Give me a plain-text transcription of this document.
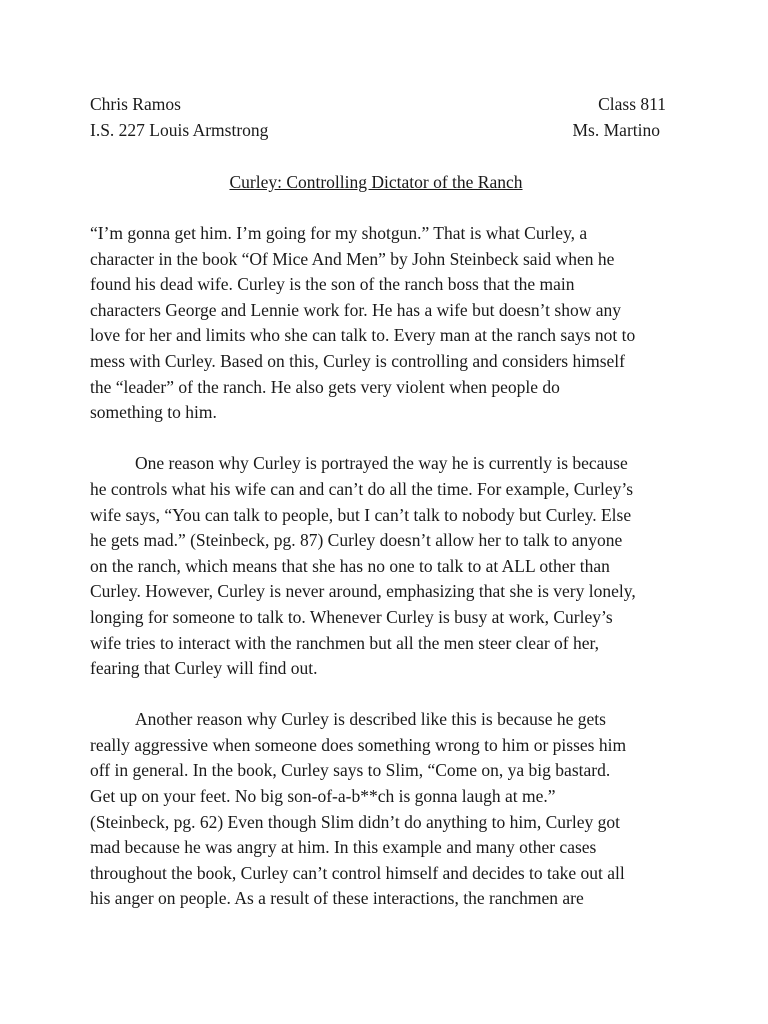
Chris Ramos	Class 811
I.S. 227 Louis Armstrong	Ms. Martino
Curley: Controlling Dictator of the Ranch
“I’m gonna get him. I’m going for my shotgun.” That is what Curley, a
character in the book “Of Mice And Men” by John Steinbeck said when he
found his dead wife. Curley is the son of the ranch boss that the main
characters George and Lennie work for. He has a wife but doesn’t show any
love for her and limits who she can talk to. Every man at the ranch says not to
mess with Curley. Based on this, Curley is controlling and considers himself
the “leader” of the ranch. He also gets very violent when people do
something to him.
One reason why Curley is portrayed the way he is currently is because
he controls what his wife can and can’t do all the time. For example, Curley’s
wife says, “You can talk to people, but I can’t talk to nobody but Curley. Else
he gets mad.” (Steinbeck, pg. 87) Curley doesn’t allow her to talk to anyone
on the ranch, which means that she has no one to talk to at ALL other than
Curley. However, Curley is never around, emphasizing that she is very lonely,
longing for someone to talk to. Whenever Curley is busy at work, Curley’s
wife tries to interact with the ranchmen but all the men steer clear of her,
fearing that Curley will find out.
Another reason why Curley is described like this is because he gets
really aggressive when someone does something wrong to him or pisses him
off in general. In the book, Curley says to Slim, “Come on, ya big bastard.
Get up on your feet. No big son-of-a-b**ch is gonna laugh at me.”
(Steinbeck, pg. 62) Even though Slim didn’t do anything to him, Curley got
mad because he was angry at him. In this example and many other cases
throughout the book, Curley can’t control himself and decides to take out all
his anger on people. As a result of these interactions, the ranchmen are
